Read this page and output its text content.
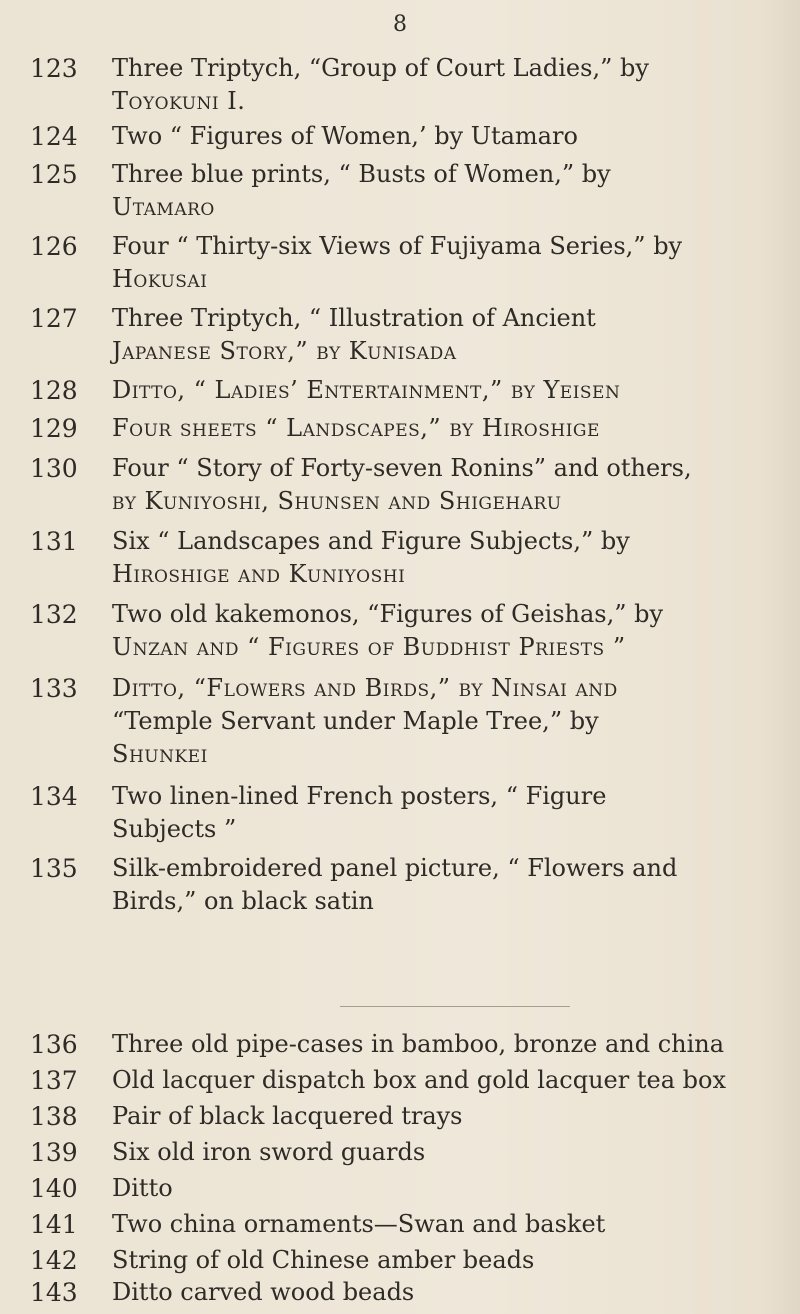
8
123	Three Triptych, “Group of Court Ladies,” by
Toyokuni I.
124	Two “ Figures of Women,’ by Utamaro
125	Three blue prints, “ Busts of Women,” by
Utamaro
126	Four “ Thirty-six Views of Fujiyama Series,” by
Hokusai
127	Three Triptych, “ Illustration of Ancient
Japanese Story,” by Kunisada
128	Ditto, “ Ladies’ Entertainment,” by Yeisen
129	Four sheets “ Landscapes,” by Hiroshige
130	Four “ Story of Forty-seven Ronins” and others,
by Kuniyoshi, Shunsen and Shigeharu
131	Six “ Landscapes and Figure Subjects,” by
Hiroshige and Kuniyoshi
132	Two old kakemonos, “Figures of Geishas,” by
Unzan and “ Figures of Buddhist Priests ”
133	Ditto, “Flowers and Birds,” by Ninsai and
“Temple Servant under Maple Tree,” by
Shunkei
134	Two linen-lined French posters, “ Figure
Subjects ”
135	Silk-embroidered panel picture, “ Flowers and
Birds,” on black satin
136	Three old pipe-cases in bamboo, bronze and china
137	Old lacquer dispatch box and gold lacquer tea box
138	Pair of black lacquered trays
139	Six old iron sword guards
140	Ditto
141	Two china ornaments—Swan and basket
142	String of old Chinese amber beads
143	Ditto carved wood beads
